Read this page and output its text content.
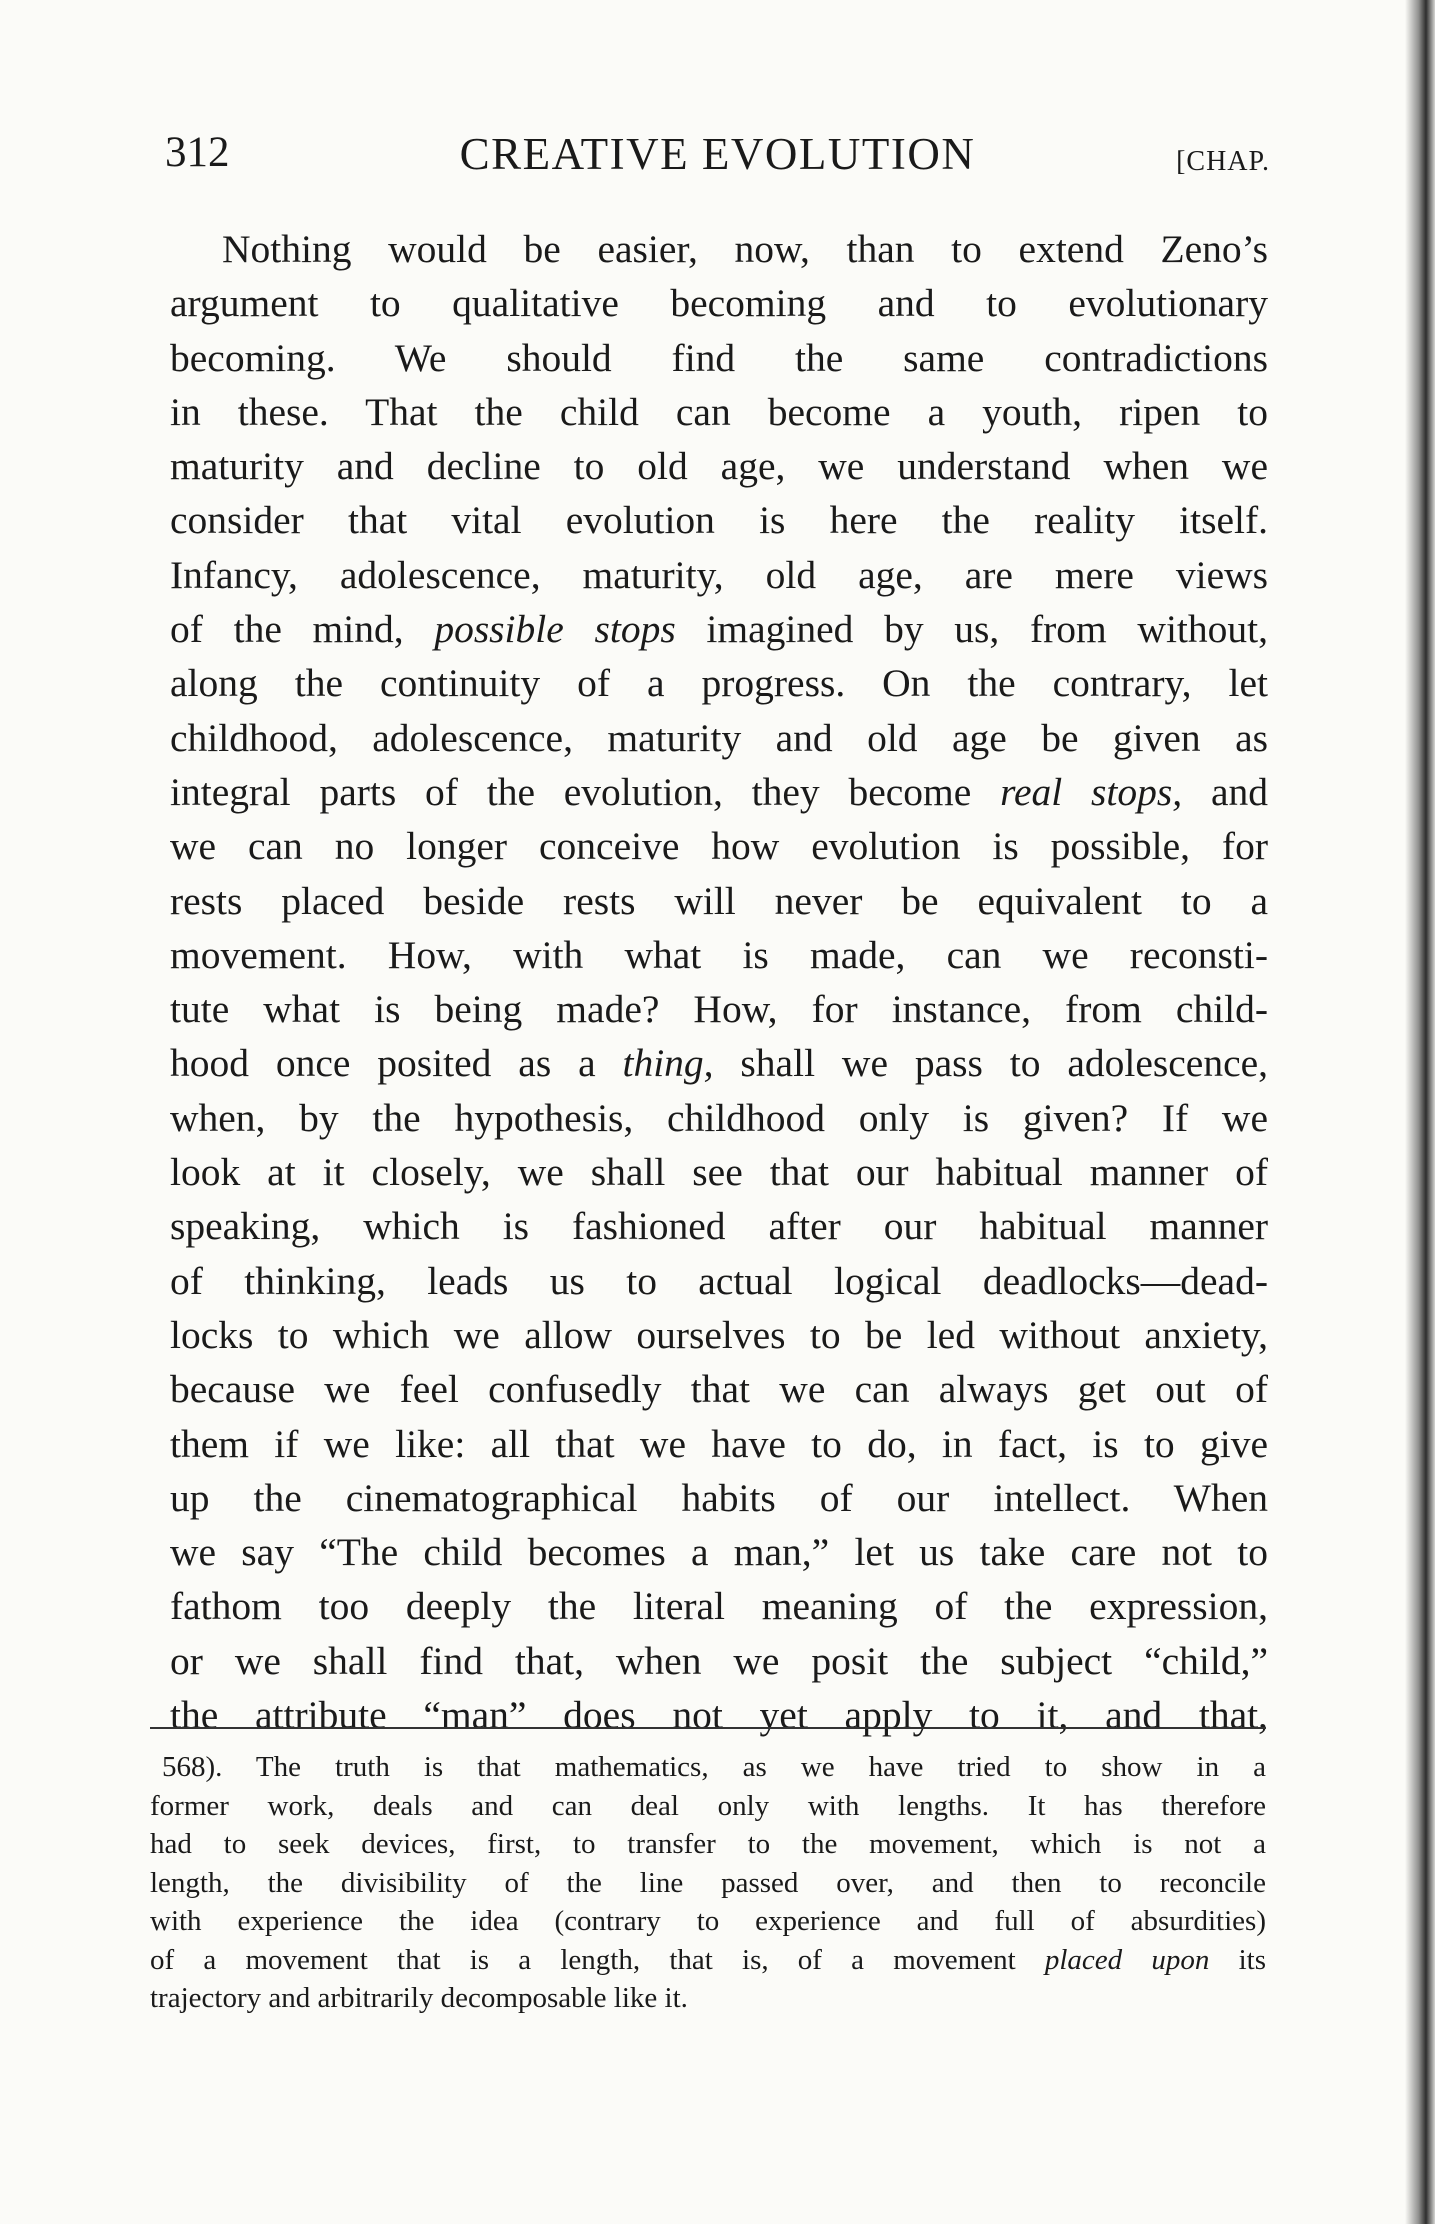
312	CREATIVE EVOLUTION	[CHAP.
Nothing would be easier, now, than to extend Zeno’s
argument to qualitative becoming and to evolutionary
becoming. We should find the same contradictions
in these. That the child can become a youth, ripen to
maturity and decline to old age, we understand when we
consider that vital evolution is here the reality itself.
Infancy, adolescence, maturity, old age, are mere views
of the mind, possible stops imagined by us, from without,
along the continuity of a progress. On the contrary, let
childhood, adolescence, maturity and old age be given as
integral parts of the evolution, they become real stops, and
we can no longer conceive how evolution is possible, for
rests placed beside rests will never be equivalent to a
movement. How, with what is made, can we reconsti-
tute what is being made? How, for instance, from child-
hood once posited as a thing, shall we pass to adolescence,
when, by the hypothesis, childhood only is given? If we
look at it closely, we shall see that our habitual manner of
speaking, which is fashioned after our habitual manner
of thinking, leads us to actual logical deadlocks—dead-
locks to which we allow ourselves to be led without anxiety,
because we feel confusedly that we can always get out of
them if we like: all that we have to do, in fact, is to give
up the cinematographical habits of our intellect. When
we say “The child becomes a man,” let us take care not to
fathom too deeply the literal meaning of the expression,
or we shall find that, when we posit the subject “child,”
the attribute “man” does not yet apply to it, and that,
568). The truth is that mathematics, as we have tried to show in a
former work, deals and can deal only with lengths. It has therefore
had to seek devices, first, to transfer to the movement, which is not a
length, the divisibility of the line passed over, and then to reconcile
with experience the idea (contrary to experience and full of absurdities)
of a movement that is a length, that is, of a movement placed upon its
trajectory and arbitrarily decomposable like it.
